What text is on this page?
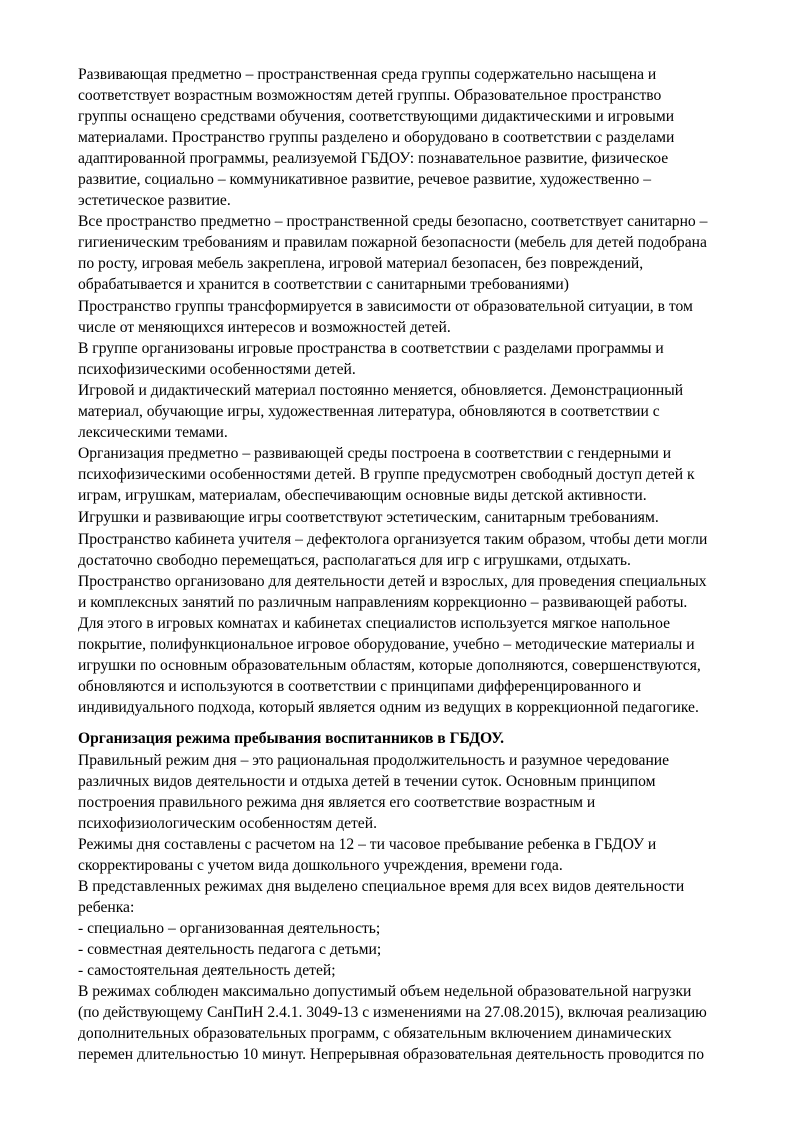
Развивающая предметно – пространственная среда группы содержательно насыщена и
соответствует возрастным возможностям детей группы. Образовательное пространство
группы оснащено средствами обучения, соответствующими дидактическими и игровыми
материалами. Пространство группы разделено и оборудовано в соответствии с разделами
адаптированной программы, реализуемой ГБДОУ: познавательное развитие, физическое
развитие, социально – коммуникативное развитие, речевое развитие, художественно –
эстетическое развитие.
Все пространство предметно – пространственной среды безопасно, соответствует санитарно –
гигиеническим требованиям и правилам пожарной безопасности (мебель для детей подобрана
по росту, игровая мебель закреплена, игровой материал безопасен, без повреждений,
обрабатывается и хранится в соответствии с санитарными требованиями)
Пространство группы трансформируется в зависимости от образовательной ситуации, в том
числе от меняющихся интересов и возможностей детей.
В группе организованы игровые пространства в соответствии с разделами программы и
психофизическими особенностями детей.
Игровой и дидактический материал постоянно меняется, обновляется. Демонстрационный
материал, обучающие игры, художественная литература, обновляются в соответствии с
лексическими темами.
Организация предметно – развивающей среды построена в соответствии с гендерными и
психофизическими особенностями детей. В группе предусмотрен свободный доступ детей к
играм, игрушкам, материалам, обеспечивающим основные виды детской активности.
Игрушки и развивающие игры соответствуют эстетическим, санитарным требованиям.
Пространство кабинета учителя – дефектолога организуется таким образом, чтобы дети могли
достаточно свободно перемещаться, располагаться для игр с игрушками, отдыхать.
Пространство организовано для деятельности детей и взрослых, для проведения специальных
и комплексных занятий по различным направлениям коррекционно – развивающей работы.
Для этого в игровых комнатах и кабинетах специалистов используется мягкое напольное
покрытие, полифункциональное игровое оборудование, учебно – методические материалы и
игрушки по основным образовательным областям, которые дополняются, совершенствуются,
обновляются и используются в соответствии с принципами дифференцированного и
индивидуального подхода, который является одним из ведущих в коррекционной педагогике.
Организация режима пребывания воспитанников в ГБДОУ.
Правильный режим дня – это рациональная продолжительность и разумное чередование
различных видов деятельности и отдыха детей в течении суток. Основным принципом
построения правильного режима дня является его соответствие возрастным и
психофизиологическим особенностям детей.
Режимы дня составлены с расчетом на 12 – ти часовое пребывание ребенка в ГБДОУ и
скорректированы с учетом вида дошкольного учреждения, времени года.
В представленных режимах дня выделено специальное время для всех видов деятельности
ребенка:
- специально – организованная деятельность;
- совместная деятельность педагога с детьми;
- самостоятельная деятельность детей;
В режимах соблюден максимально допустимый объем недельной образовательной нагрузки
(по действующему СанПиН 2.4.1. 3049-13 с изменениями на 27.08.2015), включая реализацию
дополнительных образовательных программ, с обязательным включением динамических
перемен длительностью 10 минут. Непрерывная образовательная деятельность проводится по
